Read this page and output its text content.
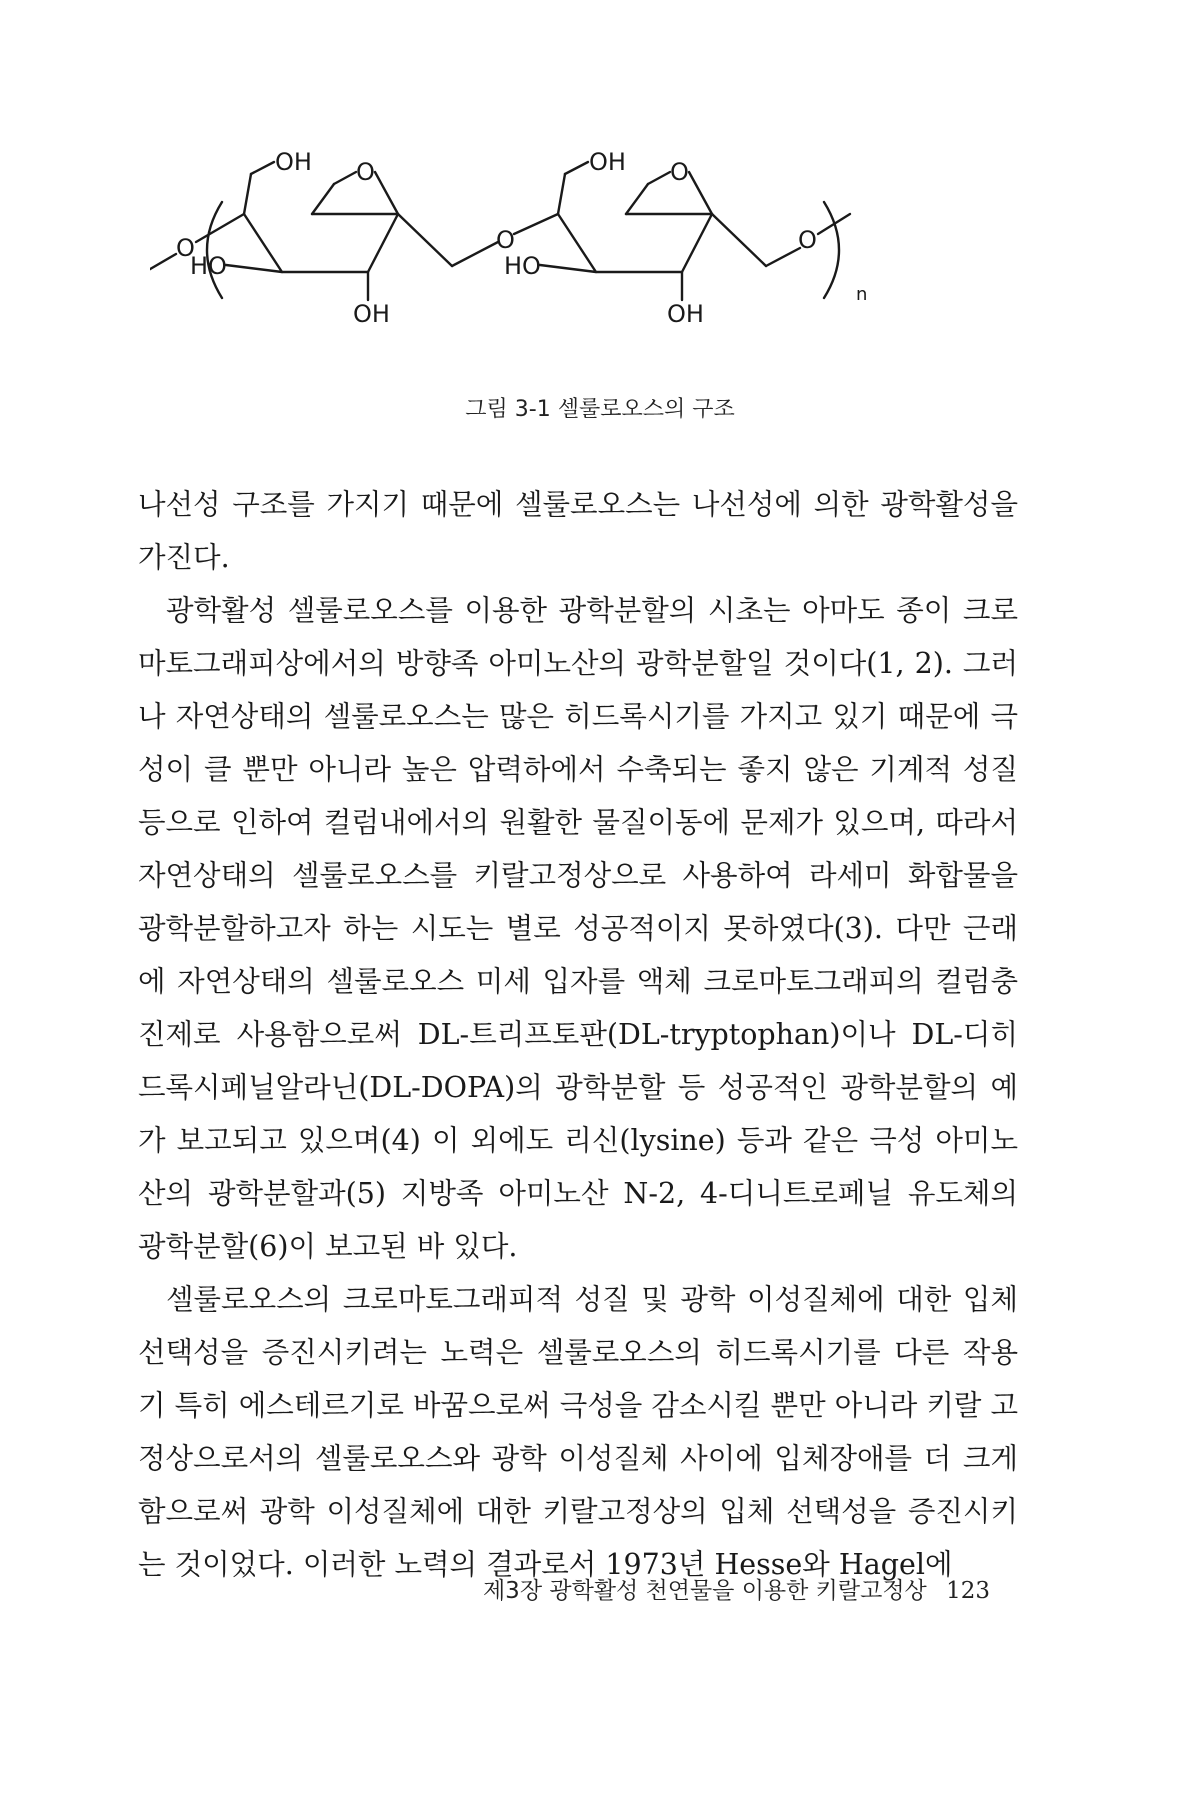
OH	OH
O	O
O	O	O
HO	HO
OH	OH
n
그림 3-1 셀룰로오스의 구조

나선성 구조를 가지기 때문에 셀룰로오스는 나선성에 의한 광학활성을 가진다.

광학활성 셀룰로오스를 이용한 광학분할의 시초는 아마도 종이 크로마토그래피상에서의 방향족 아미노산의 광학분할일 것이다(1, 2). 그러나 자연상태의 셀룰로오스는 많은 히드록시기를 가지고 있기 때문에 극성이 클 뿐만 아니라 높은 압력하에서 수축되는 좋지 않은 기계적 성질 등으로 인하여 컬럼내에서의 원활한 물질이동에 문제가 있으며, 따라서 자연상태의 셀룰로오스를 키랄고정상으로 사용하여 라세미 화합물을 광학분할하고자 하는 시도는 별로 성공적이지 못하였다(3). 다만 근래에 자연상태의 셀룰로오스 미세 입자를 액체 크로마토그래피의 컬럼충진제로 사용함으로써 DL-트리프토판(DL-tryptophan)이나 DL-디히드록시페닐알라닌(DL-DOPA)의 광학분할 등 성공적인 광학분할의 예가 보고되고 있으며(4) 이 외에도 리신(lysine) 등과 같은 극성 아미노산의 광학분할과(5) 지방족 아미노산 N-2, 4-디니트로페닐 유도체의 광학분할(6)이 보고된 바 있다.

셀룰로오스의 크로마토그래피적 성질 및 광학 이성질체에 대한 입체 선택성을 증진시키려는 노력은 셀룰로오스의 히드록시기를 다른 작용기 특히 에스테르기로 바꿈으로써 극성을 감소시킬 뿐만 아니라 키랄 고정상으로서의 셀룰로오스와 광학 이성질체 사이에 입체장애를 더 크게 함으로써 광학 이성질체에 대한 키랄고정상의 입체 선택성을 증진시키는 것이었다. 이러한 노력의 결과로서 1973년 Hesse와 Hagel에

제3장 광학활성 천연물을 이용한 키랄고정상 123
